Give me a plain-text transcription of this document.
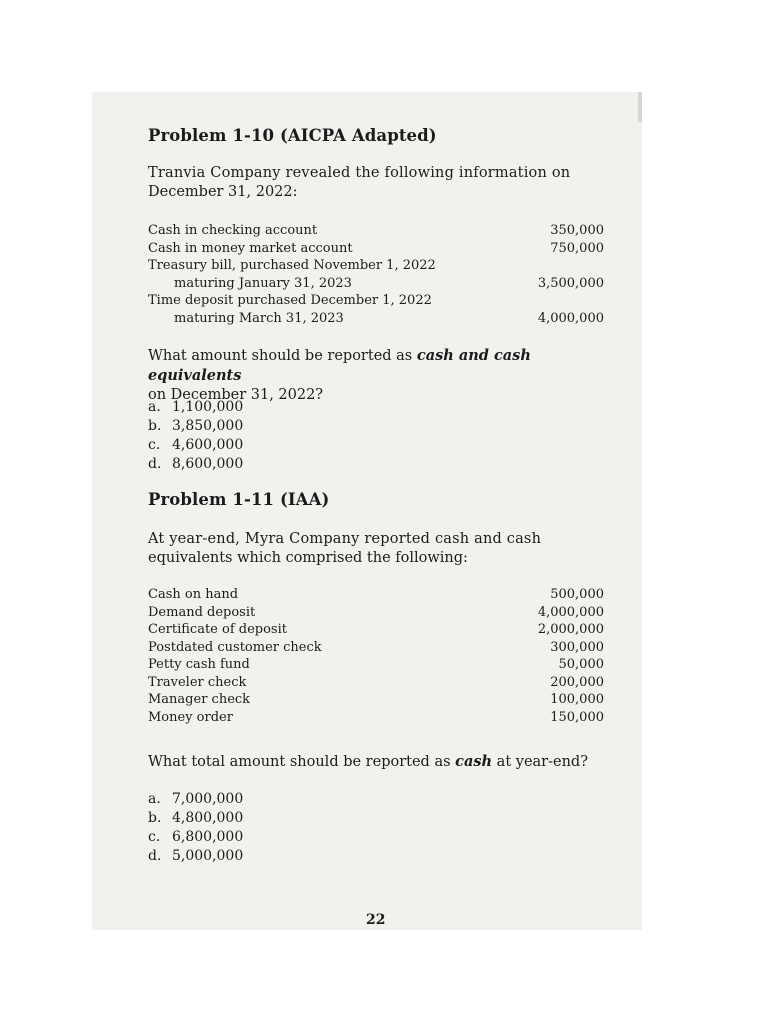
Problem 1-10 (AICPA Adapted)
Tranvia Company revealed the following information on
December 31, 2022:
Cash in checking account	350,000
Cash in money market account	750,000
Treasury bill, purchased November 1, 2022	
maturing January 31, 2023	3,500,000
Time deposit purchased December 1, 2022	
maturing March 31, 2023	4,000,000
What amount should be reported as cash and cash equivalents
on December 31, 2022?
a. 1,100,000
b. 3,850,000
c. 4,600,000
d. 8,600,000
Problem 1-11 (IAA)
At year-end, Myra Company reported cash and cash
equivalents which comprised the following:
Cash on hand	500,000
Demand deposit	4,000,000
Certificate of deposit	2,000,000
Postdated customer check	300,000
Petty cash fund	50,000
Traveler check	200,000
Manager check	100,000
Money order	150,000
What total amount should be reported as cash at year-end?
a. 7,000,000
b. 4,800,000
c. 6,800,000
d. 5,000,000
22
